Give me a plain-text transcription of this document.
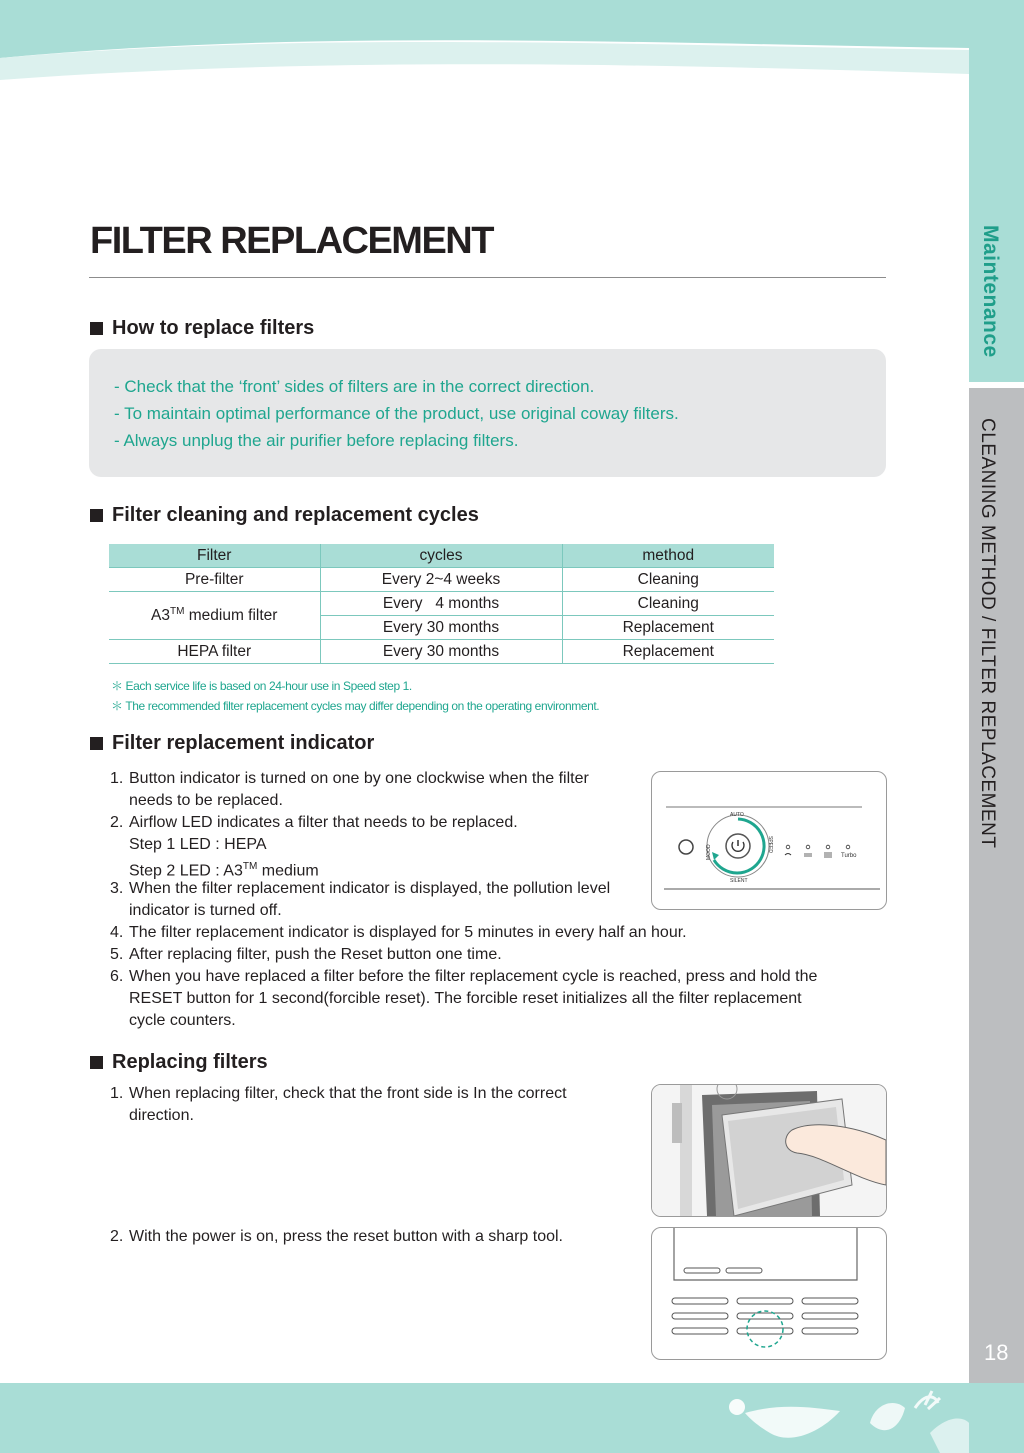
Maintenance
CLEANING METHOD / FILTER REPLACEMENT
18
FILTER REPLACEMENT
How to replace filters
- Check that the ‘front’ sides of filters are in the correct direction.
- To maintain optimal performance of the product, use original coway filters.
- Always unplug the air purifier before replacing filters.
Filter cleaning and replacement cycles
Filter	cycles	method
Pre-filter	Every 2~4 weeks	Cleaning
A3™ medium filter	Every   4 months	Cleaning
	Every 30 months	Replacement
HEPA filter	Every 30 months	Replacement
＊ Each service life is based on 24-hour use in Speed step 1.
＊ The recommended filter replacement cycles may differ depending on the operating environment.
Filter replacement indicator
1. Button indicator is turned on one by one clockwise when the filter
needs to be replaced.
2. Airflow LED indicates a filter that needs to be replaced.
Step 1 LED : HEPA
Step 2 LED : A3™ medium
3. When the filter replacement indicator is displayed, the pollution level
indicator is turned off.
4. The filter replacement indicator is displayed for 5 minutes in every half an hour.
5. After replacing filter, push the Reset button one time.
6. When you have replaced a filter before the filter replacement cycle is reached, press and hold the
RESET button for 1 second(forcible reset). The forcible reset initializes all the filter replacement
cycle counters.
AUTO
SILENT
MOOD	SPEED
Turbo
Replacing filters
1. When replacing filter, check that the front side is In the correct
direction.
2. With the power is on, press the reset button with a sharp tool.
